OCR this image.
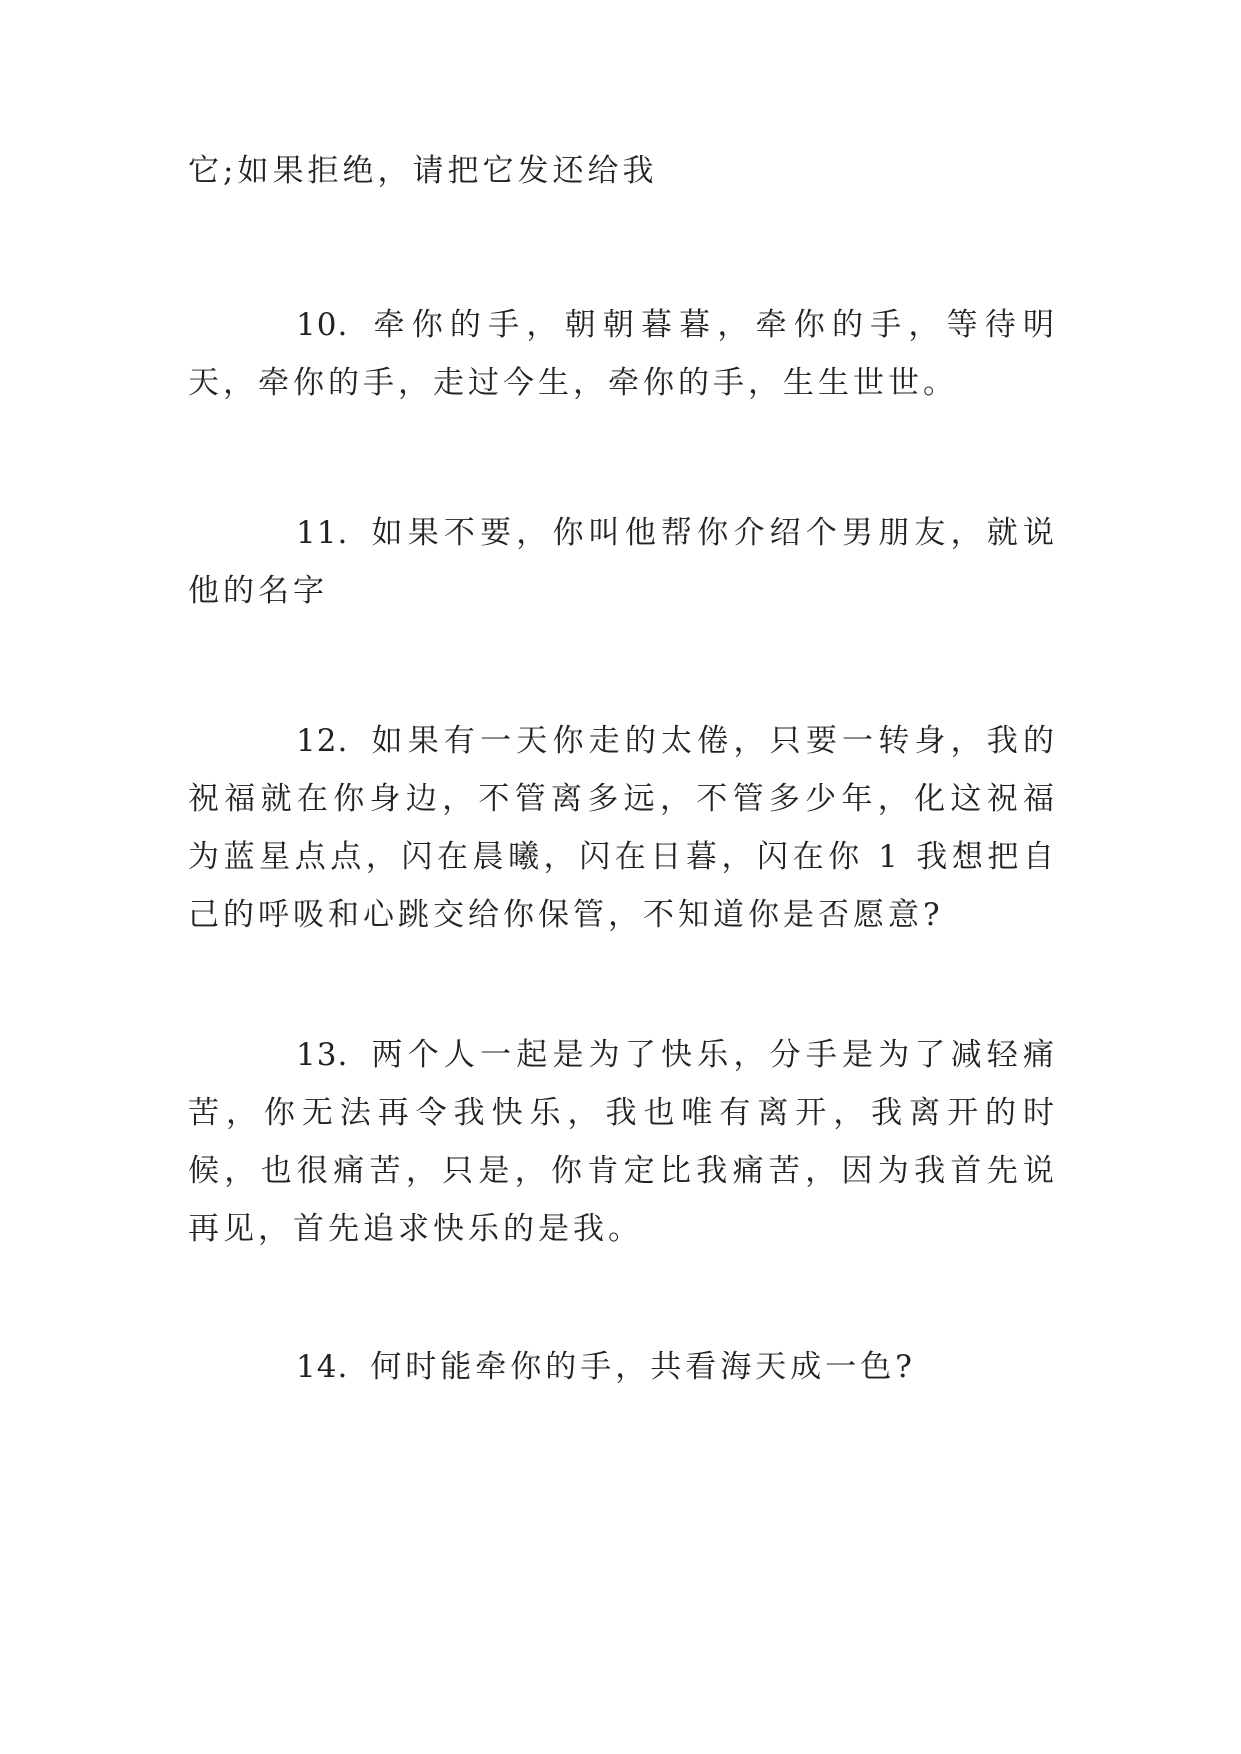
它;如果拒绝，请把它发还给我

10. 牵你的手，朝朝暮暮，牵你的手，等待明天，牵你的手，走过今生，牵你的手，生生世世。

11. 如果不要，你叫他帮你介绍个男朋友，就说他的名字

12. 如果有一天你走的太倦，只要一转身，我的祝福就在你身边，不管离多远，不管多少年，化这祝福为蓝星点点，闪在晨曦，闪在日暮，闪在你 1 我想把自己的呼吸和心跳交给你保管，不知道你是否愿意?

13. 两个人一起是为了快乐，分手是为了减轻痛苦，你无法再令我快乐，我也唯有离开，我离开的时候，也很痛苦，只是，你肯定比我痛苦，因为我首先说再见，首先追求快乐的是我。

14. 何时能牵你的手，共看海天成一色?
